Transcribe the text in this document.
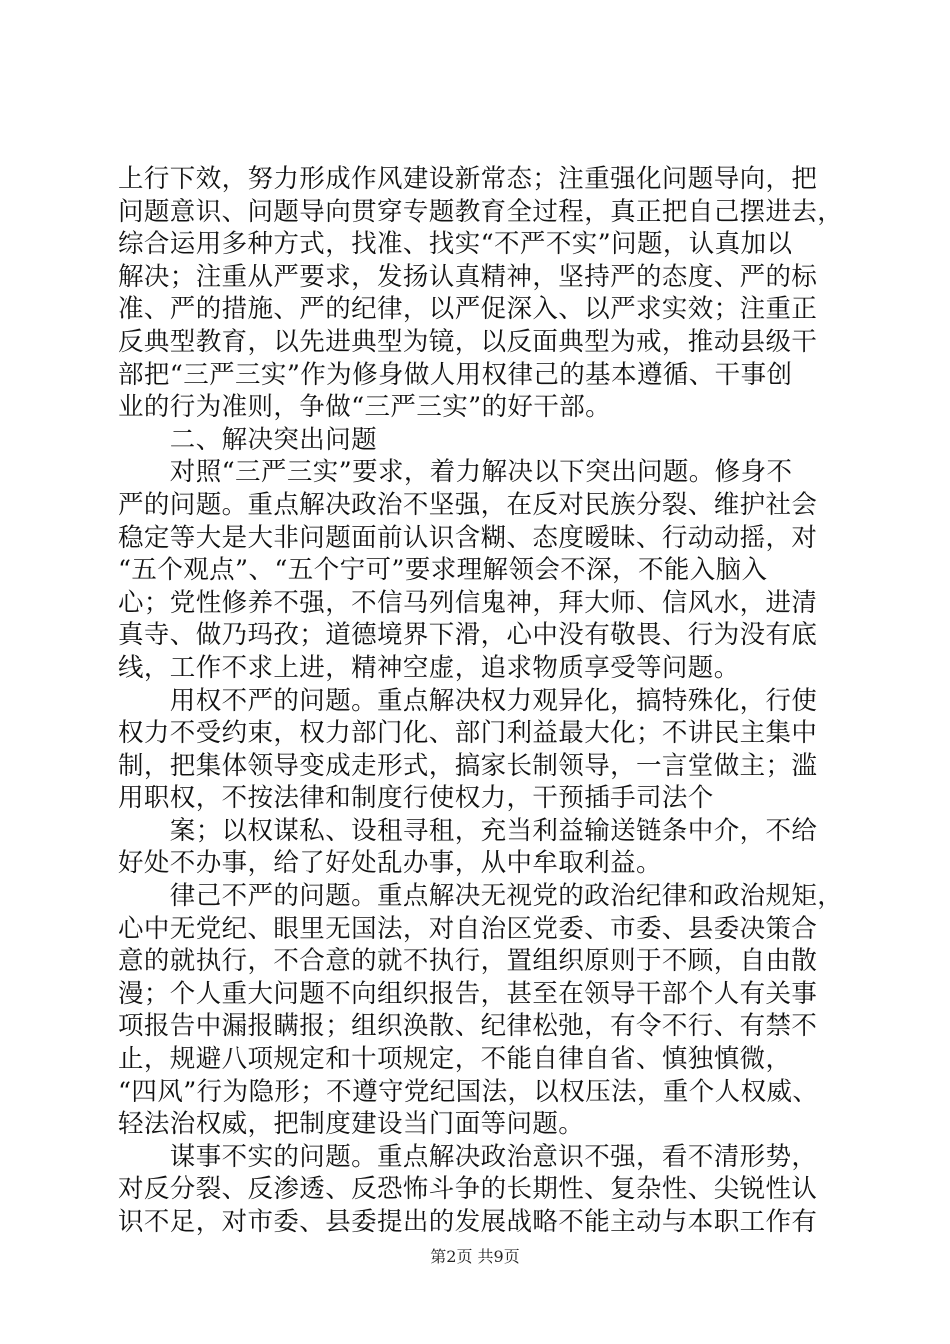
上行下效，努力形成作风建设新常态；注重强化问题导向，把
问题意识、问题导向贯穿专题教育全过程，真正把自己摆进去，
综合运用多种方式，找准、找实“不严不实”问题，认真加以
解决；注重从严要求，发扬认真精神，坚持严的态度、严的标
准、严的措施、严的纪律，以严促深入、以严求实效；注重正
反典型教育，以先进典型为镜，以反面典型为戒，推动县级干
部把“三严三实”作为修身做人用权律己的基本遵循、干事创
业的行为准则，争做“三严三实”的好干部。
　　二、解决突出问题
　　对照“三严三实”要求，着力解决以下突出问题。修身不
严的问题。重点解决政治不坚强，在反对民族分裂、维护社会
稳定等大是大非问题面前认识含糊、态度暧昧、行动动摇，对
“五个观点”、“五个宁可”要求理解领会不深，不能入脑入
心；党性修养不强，不信马列信鬼神，拜大师、信风水，进清
真寺、做乃玛孜；道德境界下滑，心中没有敬畏、行为没有底
线，工作不求上进，精神空虚，追求物质享受等问题。
　　用权不严的问题。重点解决权力观异化，搞特殊化，行使
权力不受约束，权力部门化、部门利益最大化；不讲民主集中
制，把集体领导变成走形式，搞家长制领导，一言堂做主；滥
用职权，不按法律和制度行使权力，干预插手司法个
　　案；以权谋私、设租寻租，充当利益输送链条中介，不给
好处不办事，给了好处乱办事，从中牟取利益。
　　律己不严的问题。重点解决无视党的政治纪律和政治规矩，
心中无党纪、眼里无国法，对自治区党委、市委、县委决策合
意的就执行，不合意的就不执行，置组织原则于不顾，自由散
漫；个人重大问题不向组织报告，甚至在领导干部个人有关事
项报告中漏报瞒报；组织涣散、纪律松弛，有令不行、有禁不
止，规避八项规定和十项规定，不能自律自省、慎独慎微，
“四风”行为隐形；不遵守党纪国法，以权压法，重个人权威、
轻法治权威，把制度建设当门面等问题。
　　谋事不实的问题。重点解决政治意识不强，看不清形势，
对反分裂、反渗透、反恐怖斗争的长期性、复杂性、尖锐性认
识不足，对市委、县委提出的发展战略不能主动与本职工作有
第2页 共9页
